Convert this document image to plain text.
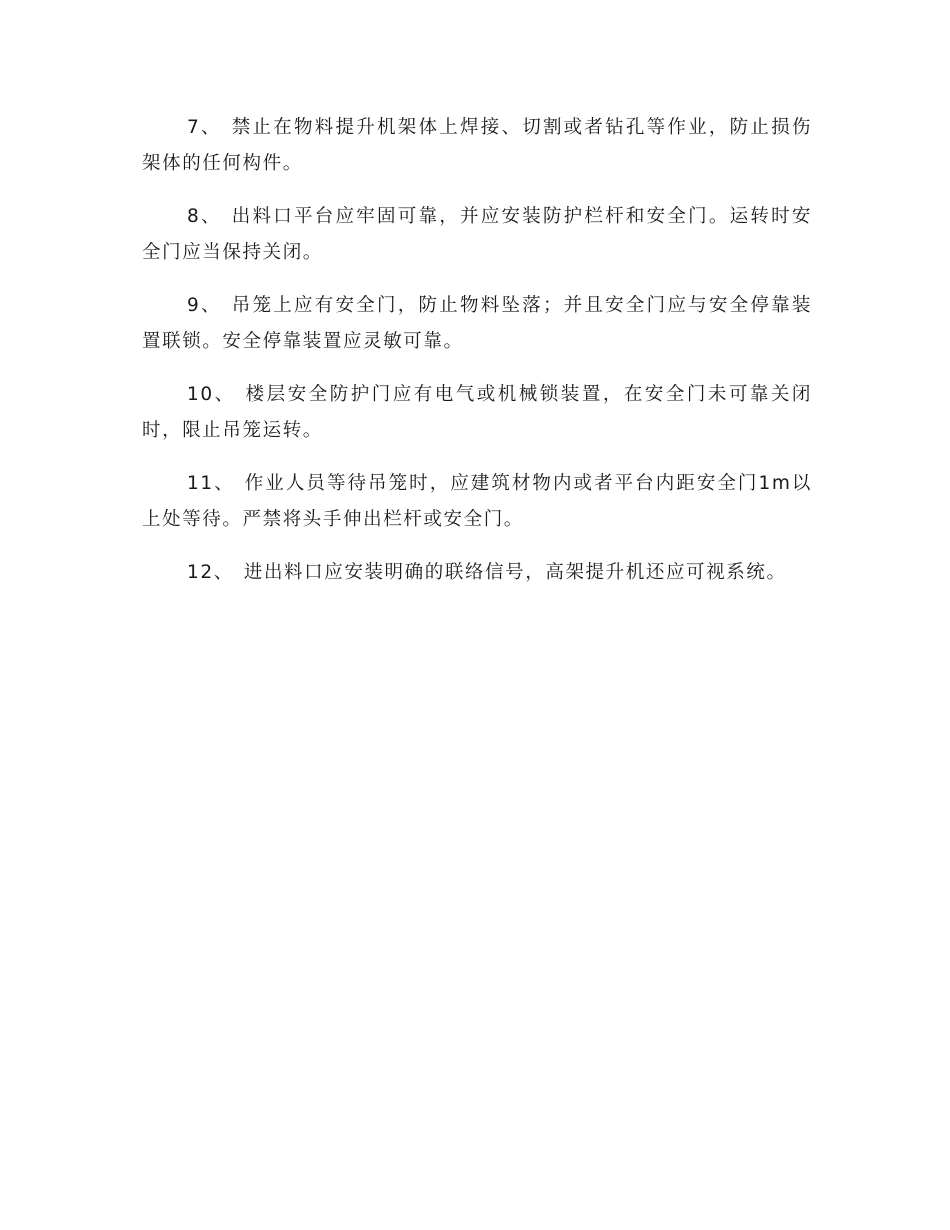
7、 禁止在物料提升机架体上焊接、切割或者钻孔等作业，防止损伤架体的任何构件。

8、 出料口平台应牢固可靠，并应安装防护栏杆和安全门。运转时安全门应当保持关闭。

9、 吊笼上应有安全门，防止物料坠落；并且安全门应与安全停靠装置联锁。安全停靠装置应灵敏可靠。

10、 楼层安全防护门应有电气或机械锁装置，在安全门未可靠关闭时，限止吊笼运转。

11、 作业人员等待吊笼时，应建筑材物内或者平台内距安全门1m以上处等待。严禁将头手伸出栏杆或安全门。

12、 进出料口应安装明确的联络信号，高架提升机还应可视系统。
